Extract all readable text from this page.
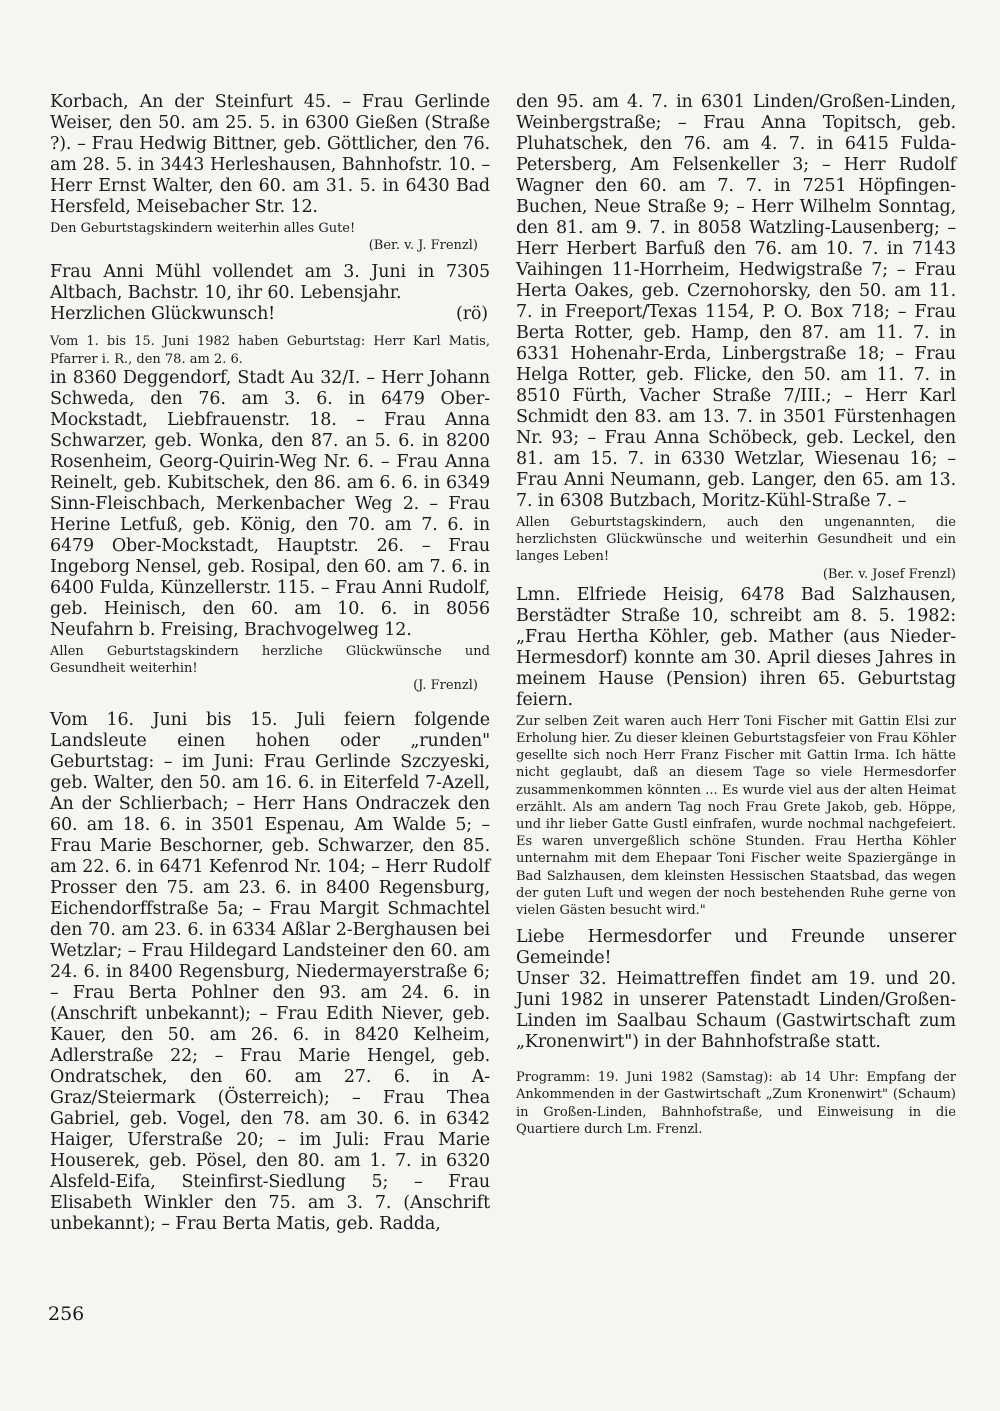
Korbach, An der Steinfurt 45. – Frau Gerlinde Weiser, den 50. am 25. 5. in 6300 Gießen (Straße ?). – Frau Hedwig Bittner, geb. Göttlicher, den 76. am 28. 5. in 3443 Herleshausen, Bahnhofstr. 10. – Herr Ernst Walter, den 60. am 31. 5. in 6430 Bad Hersfeld, Meisebacher Str. 12.

Den Geburtstagskindern weiterhin alles Gute!

(Ber. v. J. Frenzl)

Frau Anni Mühl vollendet am 3. Juni in 7305 Altbach, Bachstr. 10, ihr 60. Lebensjahr.

Herzlichen Glückwunsch!	(rö)

Vom 1. bis 15. Juni 1982 haben Geburtstag: Herr Karl Matis, Pfarrer i. R., den 78. am 2. 6.

in 8360 Deggendorf, Stadt Au 32/I. – Herr Johann Schweda, den 76. am 3. 6. in 6479 Ober-Mockstadt, Liebfrauenstr. 18. – Frau Anna Schwarzer, geb. Wonka, den 87. an 5. 6. in 8200 Rosenheim, Georg-Quirin-Weg Nr. 6. – Frau Anna Reinelt, geb. Kubitschek, den 86. am 6. 6. in 6349 Sinn-Fleischbach, Merkenbacher Weg 2. – Frau Herine Letfuß, geb. König, den 70. am 7. 6. in 6479 Ober-Mockstadt, Hauptstr. 26. – Frau Ingeborg Nensel, geb. Rosipal, den 60. am 7. 6. in 6400 Fulda, Künzellerstr. 115. – Frau Anni Rudolf, geb. Heinisch, den 60. am 10. 6. in 8056 Neufahrn b. Freising, Brachvogelweg 12.

Allen Geburtstagskindern herzliche Glückwünsche und Gesundheit weiterhin!

(J. Frenzl)

Vom 16. Juni bis 15. Juli feiern folgende Landsleute einen hohen oder „runden" Geburtstag: – im Juni: Frau Gerlinde Szczyeski, geb. Walter, den 50. am 16. 6. in Eiterfeld 7-Azell, An der Schlierbach; – Herr Hans Ondraczek den 60. am 18. 6. in 3501 Espenau, Am Walde 5; – Frau Marie Beschorner, geb. Schwarzer, den 85. am 22. 6. in 6471 Kefenrod Nr. 104; – Herr Rudolf Prosser den 75. am 23. 6. in 8400 Regensburg, Eichendorffstraße 5a; – Frau Margit Schmachtel den 70. am 23. 6. in 6334 Aßlar 2-Berghausen bei Wetzlar; – Frau Hildegard Landsteiner den 60. am 24. 6. in 8400 Regensburg, Niedermayerstraße 6; – Frau Berta Pohlner den 93. am 24. 6. in (Anschrift unbekannt); – Frau Edith Niever, geb. Kauer, den 50. am 26. 6. in 8420 Kelheim, Adlerstraße 22; – Frau Marie Hengel, geb. Ondratschek, den 60. am 27. 6. in A-Graz/Steiermark (Österreich); – Frau Thea Gabriel, geb. Vogel, den 78. am 30. 6. in 6342 Haiger, Uferstraße 20; – im Juli: Frau Marie Houserek, geb. Pösel, den 80. am 1. 7. in 6320 Alsfeld-Eifa, Steinfirst-Siedlung 5; – Frau Elisabeth Winkler den 75. am 3. 7. (Anschrift unbekannt); – Frau Berta Matis, geb. Radda,

den 95. am 4. 7. in 6301 Linden/Großen-Linden, Weinbergstraße; – Frau Anna Topitsch, geb. Pluhatschek, den 76. am 4. 7. in 6415 Fulda-Petersberg, Am Felsenkeller 3; – Herr Rudolf Wagner den 60. am 7. 7. in 7251 Höpfingen-Buchen, Neue Straße 9; – Herr Wilhelm Sonntag, den 81. am 9. 7. in 8058 Watzling-Lausenberg; – Herr Herbert Barfuß den 76. am 10. 7. in 7143 Vaihingen 11-Horrheim, Hedwigstraße 7; – Frau Herta Oakes, geb. Czernohorsky, den 50. am 11. 7. in Freeport/Texas 1154, P. O. Box 718; – Frau Berta Rotter, geb. Hamp, den 87. am 11. 7. in 6331 Hohenahr-Erda, Linbergstraße 18; – Frau Helga Rotter, geb. Flicke, den 50. am 11. 7. in 8510 Fürth, Vacher Straße 7/III.; – Herr Karl Schmidt den 83. am 13. 7. in 3501 Fürstenhagen Nr. 93; – Frau Anna Schöbeck, geb. Leckel, den 81. am 15. 7. in 6330 Wetzlar, Wiesenau 16; – Frau Anni Neumann, geb. Langer, den 65. am 13. 7. in 6308 Butzbach, Moritz-Kühl-Straße 7. –

Allen Geburtstagskindern, auch den ungenannten, die herzlichsten Glückwünsche und weiterhin Gesundheit und ein langes Leben!

(Ber. v. Josef Frenzl)

Lmn. Elfriede Heisig, 6478 Bad Salzhausen, Berstädter Straße 10, schreibt am 8. 5. 1982: „Frau Hertha Köhler, geb. Mather (aus Nieder-Hermesdorf) konnte am 30. April dieses Jahres in meinem Hause (Pension) ihren 65. Geburtstag feiern.

Zur selben Zeit waren auch Herr Toni Fischer mit Gattin Elsi zur Erholung hier. Zu dieser kleinen Geburtstagsfeier von Frau Köhler gesellte sich noch Herr Franz Fischer mit Gattin Irma. Ich hätte nicht geglaubt, daß an diesem Tage so viele Hermesdorfer zusammenkommen könnten ... Es wurde viel aus der alten Heimat erzählt. Als am andern Tag noch Frau Grete Jakob, geb. Höppe, und ihr lieber Gatte Gustl einfrafen, wurde nochmal nachgefeiert. Es waren unvergeßlich schöne Stunden. Frau Hertha Köhler unternahm mit dem Ehepaar Toni Fischer weite Spaziergänge in Bad Salzhausen, dem kleinsten Hessischen Staatsbad, das wegen der guten Luft und wegen der noch bestehenden Ruhe gerne von vielen Gästen besucht wird."

Liebe Hermesdorfer und Freunde unserer Gemeinde!

Unser 32. Heimattreffen findet am 19. und 20. Juni 1982 in unserer Patenstadt Linden/Großen-Linden im Saalbau Schaum (Gastwirtschaft zum „Kronenwirt") in der Bahnhofstraße statt.

Programm: 19. Juni 1982 (Samstag): ab 14 Uhr: Empfang der Ankommenden in der Gastwirtschaft „Zum Kronenwirt" (Schaum) in Großen-Linden, Bahnhofstraße, und Einweisung in die Quartiere durch Lm. Frenzl.

256
